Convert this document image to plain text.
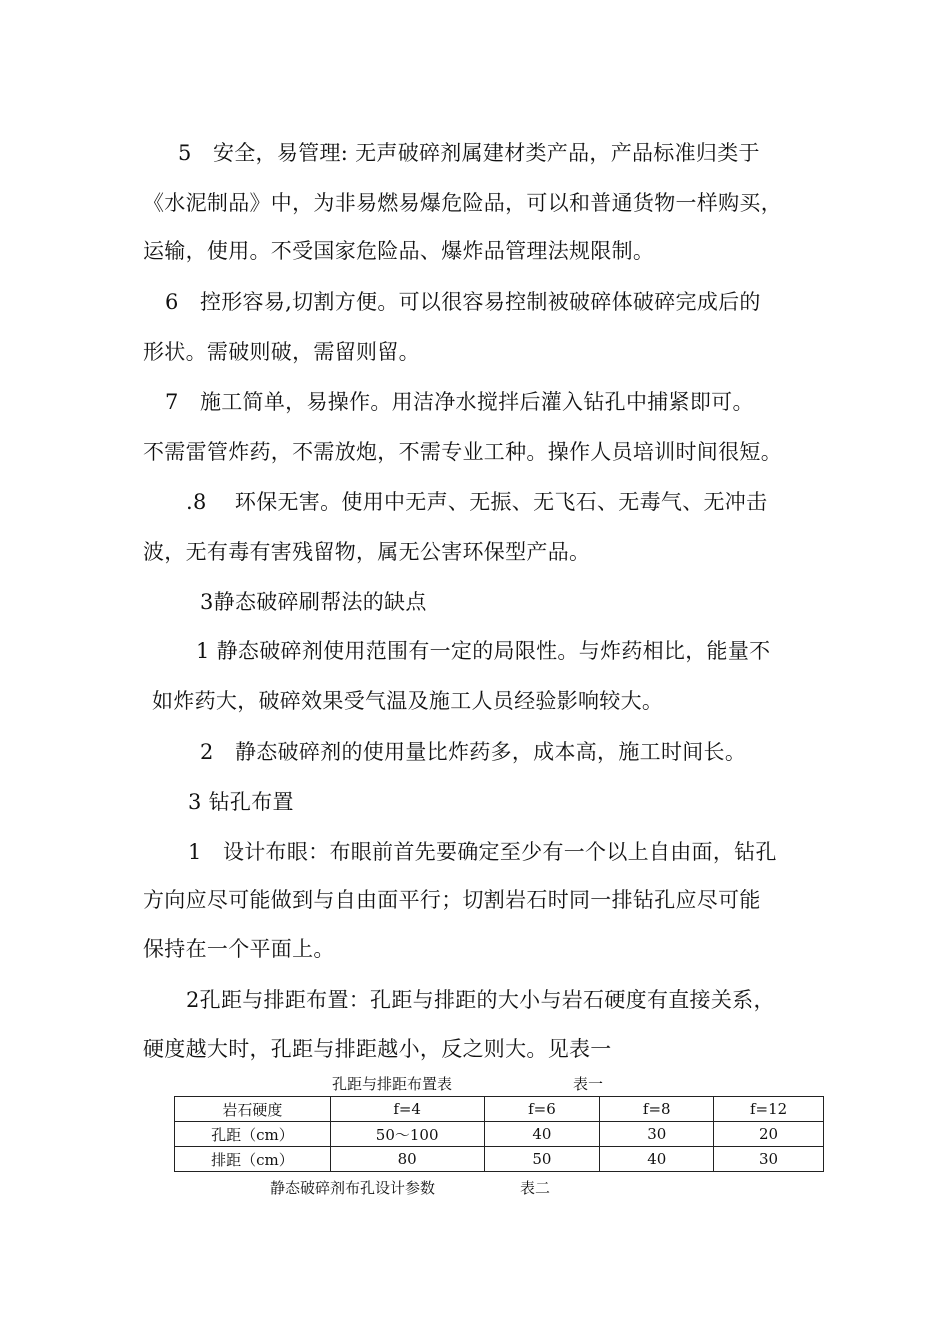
5　安全，易管理: 无声破碎剂属建材类产品，产品标准归类于
《水泥制品》中，为非易燃易爆危险品，可以和普通货物一样购买，
运输，使用。不受国家危险品、爆炸品管理法规限制。
6　控形容易,切割方便。可以很容易控制被破碎体破碎完成后的
形状。需破则破，需留则留。
7　施工简单，易操作。用洁净水搅拌后灌入钻孔中捕紧即可。
不需雷管炸药，不需放炮，不需专业工种。操作人员培训时间很短。
.8　 环保无害。使用中无声、无振、无飞石、无毒气、无冲击
波，无有毒有害残留物，属无公害环保型产品。
3静态破碎刷帮法的缺点
1 静态破碎剂使用范围有一定的局限性。与炸药相比，能量不
如炸药大，破碎效果受气温及施工人员经验影响较大。
2　静态破碎剂的使用量比炸药多，成本高，施工时间长。
3 钻孔布置
1　设计布眼：布眼前首先要确定至少有一个以上自由面，钻孔
方向应尽可能做到与自由面平行；切割岩石时同一排钻孔应尽可能
保持在一个平面上。
2孔距与排距布置：孔距与排距的大小与岩石硬度有直接关系，
硬度越大时，孔距与排距越小，反之则大。见表一
孔距与排距布置表	表一
岩石硬度	f=4	f=6	f=8	f=12
孔距（cm）	50～100	40	30	20
排距（cm）	80	50	40	30
静态破碎剂布孔设计参数	表二
